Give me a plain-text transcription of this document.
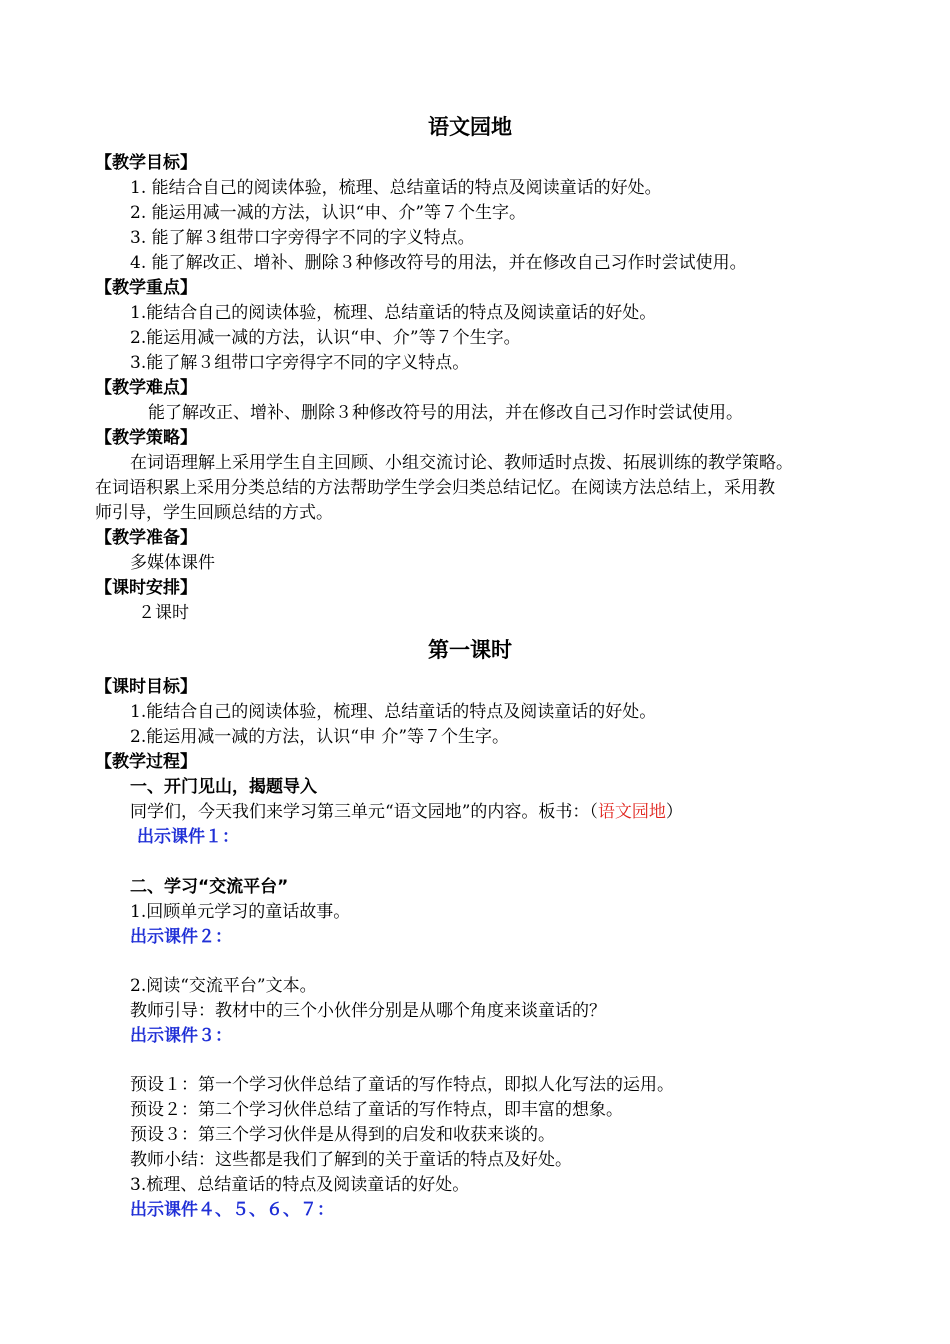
语文园地
【教学目标】
1. 能结合自己的阅读体验，梳理、总结童话的特点及阅读童话的好处。
2. 能运用减一减的方法，认识“申、介”等７个生字。
3. 能了解３组带口字旁得字不同的字义特点。
4. 能了解改正、增补、删除３种修改符号的用法，并在修改自己习作时尝试使用。
【教学重点】
1.能结合自己的阅读体验，梳理、总结童话的特点及阅读童话的好处。
2.能运用减一减的方法，认识“申、介”等７个生字。
3.能了解３组带口字旁得字不同的字义特点。
【教学难点】
能了解改正、增补、删除３种修改符号的用法，并在修改自己习作时尝试使用。
【教学策略】
在词语理解上采用学生自主回顾、小组交流讨论、教师适时点拨、拓展训练的教学策略。
在词语积累上采用分类总结的方法帮助学生学会归类总结记忆。在阅读方法总结上，采用教
师引导，学生回顾总结的方式。
【教学准备】
多媒体课件
【课时安排】
２课时
第一课时
【课时目标】
1.能结合自己的阅读体验，梳理、总结童话的特点及阅读童话的好处。
2.能运用减一减的方法，认识“申 介”等７个生字。
【教学过程】
一、开门见山，揭题导入
同学们，今天我们来学习第三单元“语文园地”的内容。板书：（语文园地）
出示课件１：
二、学习“交流平台”
1.回顾单元学习的童话故事。
出示课件２：
2.阅读“交流平台”文本。
教师引导：教材中的三个小伙伴分别是从哪个角度来谈童话的？
出示课件３：
预设１：第一个学习伙伴总结了童话的写作特点，即拟人化写法的运用。
预设２：第二个学习伙伴总结了童话的写作特点，即丰富的想象。
预设３：第三个学习伙伴是从得到的启发和收获来谈的。
教师小结：这些都是我们了解到的关于童话的特点及好处。
3.梳理、总结童话的特点及阅读童话的好处。
出示课件４、５、６、７：
